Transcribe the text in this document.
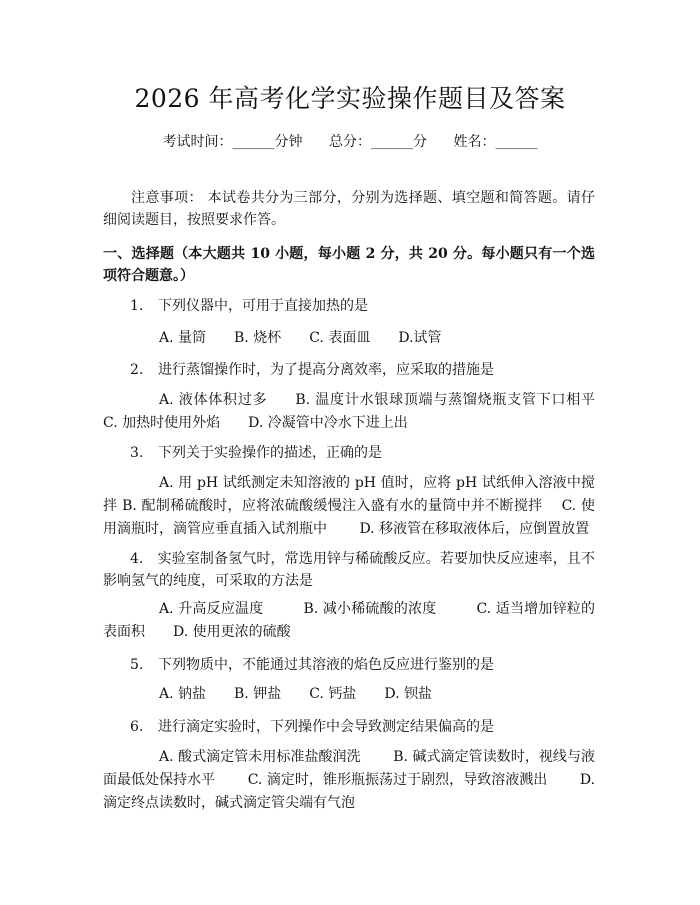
2026 年高考化学实验操作题目及答案
考试时间：______分钟 总分：______分 姓名：______

注意事项： 本试卷共分为三部分，分别为选择题、填空题和简答题。请仔细阅读题目，按照要求作答。

一、选择题（本大题共 10 小题，每小题 2 分，共 20 分。每小题只有一个选项符合题意。）

1. 下列仪器中，可用于直接加热的是

A. 量筒 B. 烧杯 C. 表面皿 D.试管

2. 进行蒸馏操作时，为了提高分离效率，应采取的措施是

A. 液体体积过多 B. 温度计水银球顶端与蒸馏烧瓶支管下口相平 C. 加热时使用外焰 D. 冷凝管中冷水下进上出

3. 下列关于实验操作的描述，正确的是

A. 用 pH 试纸测定未知溶液的 pH 值时，应将 pH 试纸伸入溶液中搅拌 B. 配制稀硫酸时，应将浓硫酸缓慢注入盛有水的量筒中并不断搅拌　 C. 使用滴瓶时，滴管应垂直插入试剂瓶中　　 D. 移液管在移取液体后，应倒置放置

4.　 实验室制备氢气时，常选用锌与稀硫酸反应。若要加快反应速率，且不影响氢气的纯度，可采取的方法是

A. 升高反应温度	B. 减小稀硫酸的浓度	C. 适当增加锌粒的表面积 D. 使用更浓的硫酸

5. 下列物质中，不能通过其溶液的焰色反应进行鉴别的是

A. 钠盐 B. 钾盐 C. 钙盐 D. 钡盐

6. 进行滴定实验时，下列操作中会导致测定结果偏高的是

A. 酸式滴定管未用标准盐酸润洗　　 B. 碱式滴定管读数时，视线与液面最低处保持水平　　 C. 滴定时，锥形瓶振荡过于剧烈，导致溶液溅出　　 D. 滴定终点读数时，碱式滴定管尖端有气泡
